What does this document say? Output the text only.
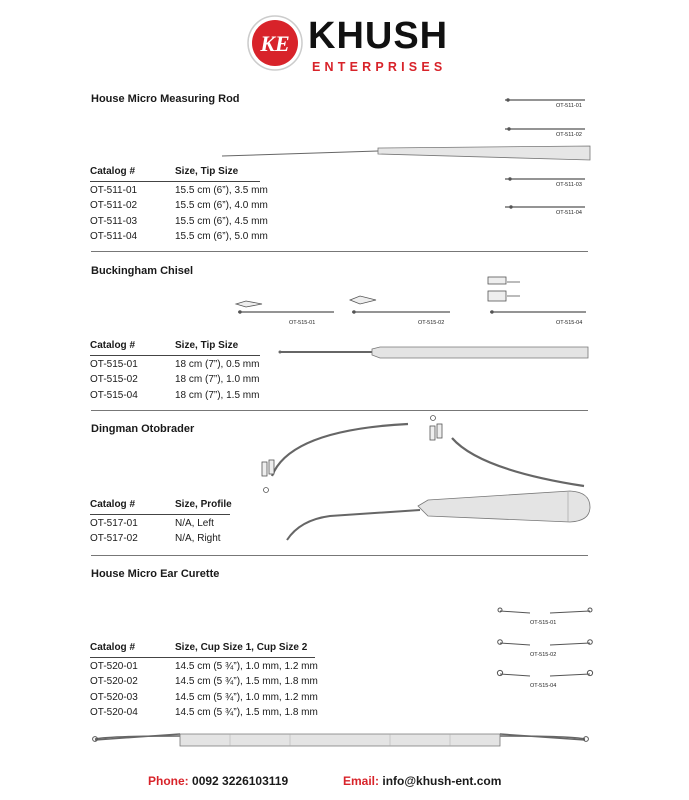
KE KHUSH
ENTERPRISES
House Micro Measuring Rod
Catalog #	Size, Tip Size
OT-511-01	15.5 cm (6”), 3.5 mm
OT-511-02	15.5 cm (6”), 4.0 mm
OT-511-03	15.5 cm (6”), 4.5 mm
OT-511-04	15.5 cm (6”), 5.0 mm
OT-511-01
OT-511-02
OT-511-03
OT-511-04
Buckingham Chisel
Catalog #	Size, Tip Size
OT-515-01	18 cm (7”), 0.5 mm
OT-515-02	18 cm (7”), 1.0 mm
OT-515-04	18 cm (7”), 1.5 mm
OT-515-01	OT-515-02	OT-515-04
Dingman Otobrader
Catalog #	Size, Profile
OT-517-01	N/A, Left
OT-517-02	N/A, Right
House Micro Ear Curette
Catalog #	Size, Cup Size 1, Cup Size 2
OT-520-01	14.5 cm (5 ¾”), 1.0 mm, 1.2 mm
OT-520-02	14.5 cm (5 ¾”), 1.5 mm, 1.8 mm
OT-520-03	14.5 cm (5 ¾”), 1.0 mm, 1.2 mm
OT-520-04	14.5 cm (5 ¾”), 1.5 mm, 1.8 mm
OT-515-01
OT-515-02
OT-515-04
Phone: 0092 3226103119	Email: info@khush-ent.com
